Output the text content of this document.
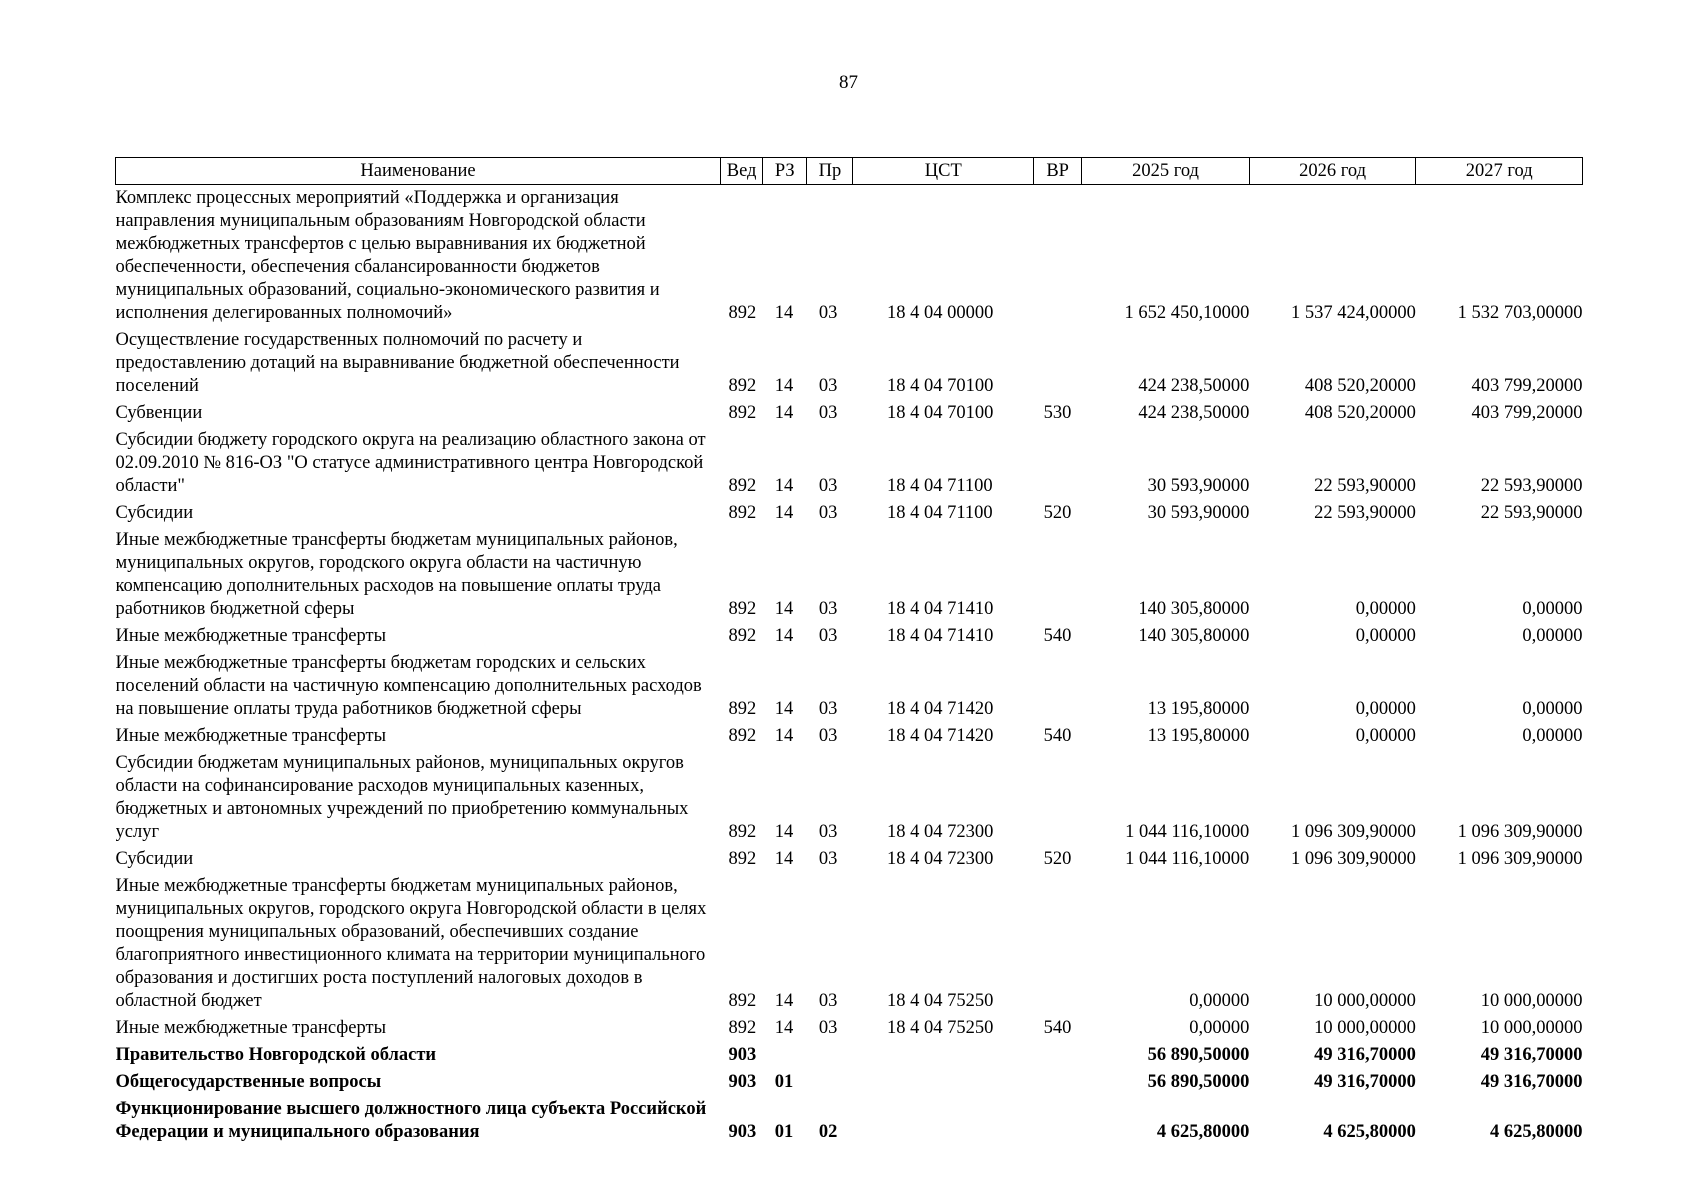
87
Наименование	Вед	РЗ	Пр	ЦСТ	ВР	2025 год	2026 год	2027 год
Комплекс процессных мероприятий «Поддержка и организация направления муниципальным образованиям Новгородской области межбюджетных трансфертов с целью выравнивания их бюджетной обеспеченности, обеспечения сбалансированности бюджетов муниципальных образований, социально-экономического развития и исполнения делегированных полномочий»	892	14	03	18 4 04 00000		1 652 450,10000	1 537 424,00000	1 532 703,00000
Осуществление государственных полномочий по расчету и предоставлению дотаций на выравнивание бюджетной обеспеченности поселений	892	14	03	18 4 04 70100		424 238,50000	408 520,20000	403 799,20000
Субвенции	892	14	03	18 4 04 70100	530	424 238,50000	408 520,20000	403 799,20000
Субсидии бюджету городского округа на реализацию областного закона от 02.09.2010 № 816-ОЗ "О статусе административного центра Новгородской области"	892	14	03	18 4 04 71100		30 593,90000	22 593,90000	22 593,90000
Субсидии	892	14	03	18 4 04 71100	520	30 593,90000	22 593,90000	22 593,90000
Иные межбюджетные трансферты бюджетам муниципальных районов, муниципальных округов, городского округа области на частичную компенсацию дополнительных расходов на повышение оплаты труда работников бюджетной сферы	892	14	03	18 4 04 71410		140 305,80000	0,00000	0,00000
Иные межбюджетные трансферты	892	14	03	18 4 04 71410	540	140 305,80000	0,00000	0,00000
Иные межбюджетные трансферты бюджетам городских и сельских поселений области на частичную компенсацию дополнительных расходов на повышение оплаты труда работников бюджетной сферы	892	14	03	18 4 04 71420		13 195,80000	0,00000	0,00000
Иные межбюджетные трансферты	892	14	03	18 4 04 71420	540	13 195,80000	0,00000	0,00000
Субсидии бюджетам муниципальных районов, муниципальных округов области на софинансирование расходов муниципальных казенных, бюджетных и автономных учреждений по приобретению коммунальных услуг	892	14	03	18 4 04 72300		1 044 116,10000	1 096 309,90000	1 096 309,90000
Субсидии	892	14	03	18 4 04 72300	520	1 044 116,10000	1 096 309,90000	1 096 309,90000
Иные межбюджетные трансферты бюджетам муниципальных районов, муниципальных округов, городского округа Новгородской области в целях поощрения муниципальных образований, обеспечивших создание благоприятного инвестиционного климата на территории муниципального образования и достигших роста поступлений налоговых доходов в областной бюджет	892	14	03	18 4 04 75250		0,00000	10 000,00000	10 000,00000
Иные межбюджетные трансферты	892	14	03	18 4 04 75250	540	0,00000	10 000,00000	10 000,00000
Правительство Новгородской области	903					56 890,50000	49 316,70000	49 316,70000
Общегосударственные вопросы	903	01				56 890,50000	49 316,70000	49 316,70000
Функционирование высшего должностного лица субъекта Российской Федерации и муниципального образования	903	01	02			4 625,80000	4 625,80000	4 625,80000
